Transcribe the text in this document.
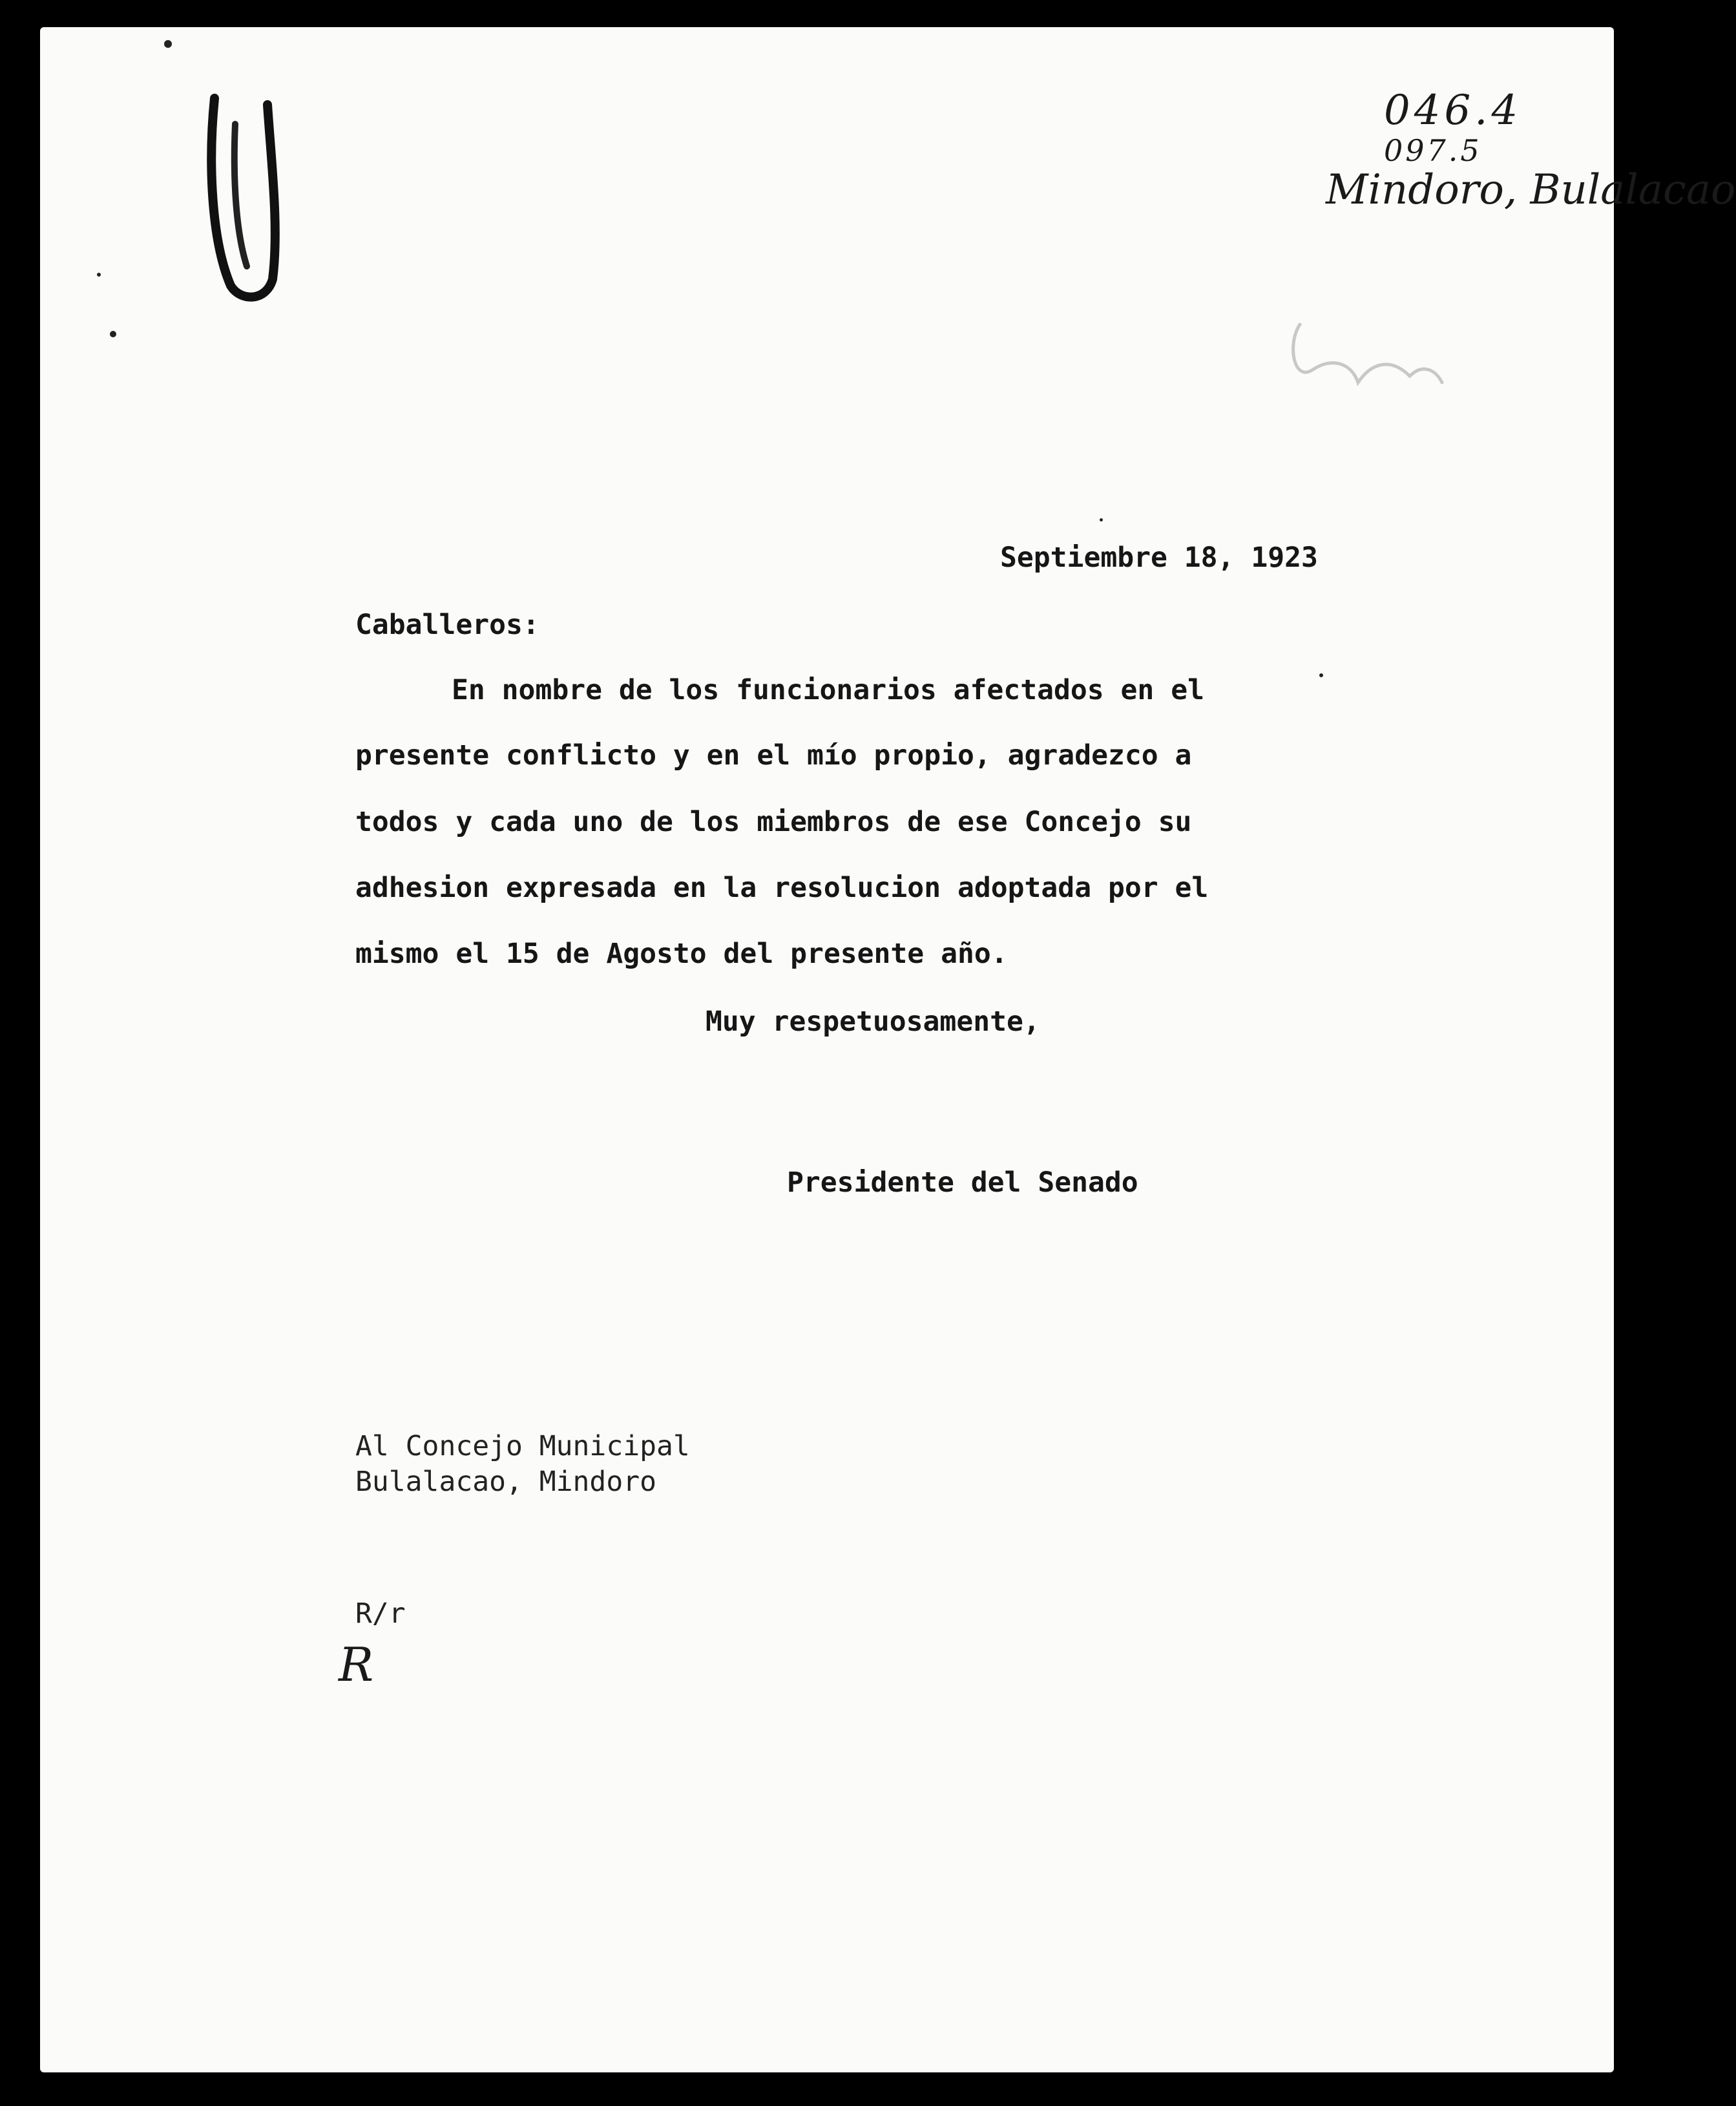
046.4
097.5
Mindoro, Bulalacao
Septiembre 18, 1923
Caballeros:
En nombre de los funcionarios afectados en el
presente conflicto y en el mío propio, agradezco a
todos y cada uno de los miembros de ese Concejo su
adhesion expresada en la resolucion adoptada por el
mismo el 15 de Agosto del presente año.
Muy respetuosamente,
Presidente del Senado
Al Concejo Municipal
Bulalacao, Mindoro
R/r
R
